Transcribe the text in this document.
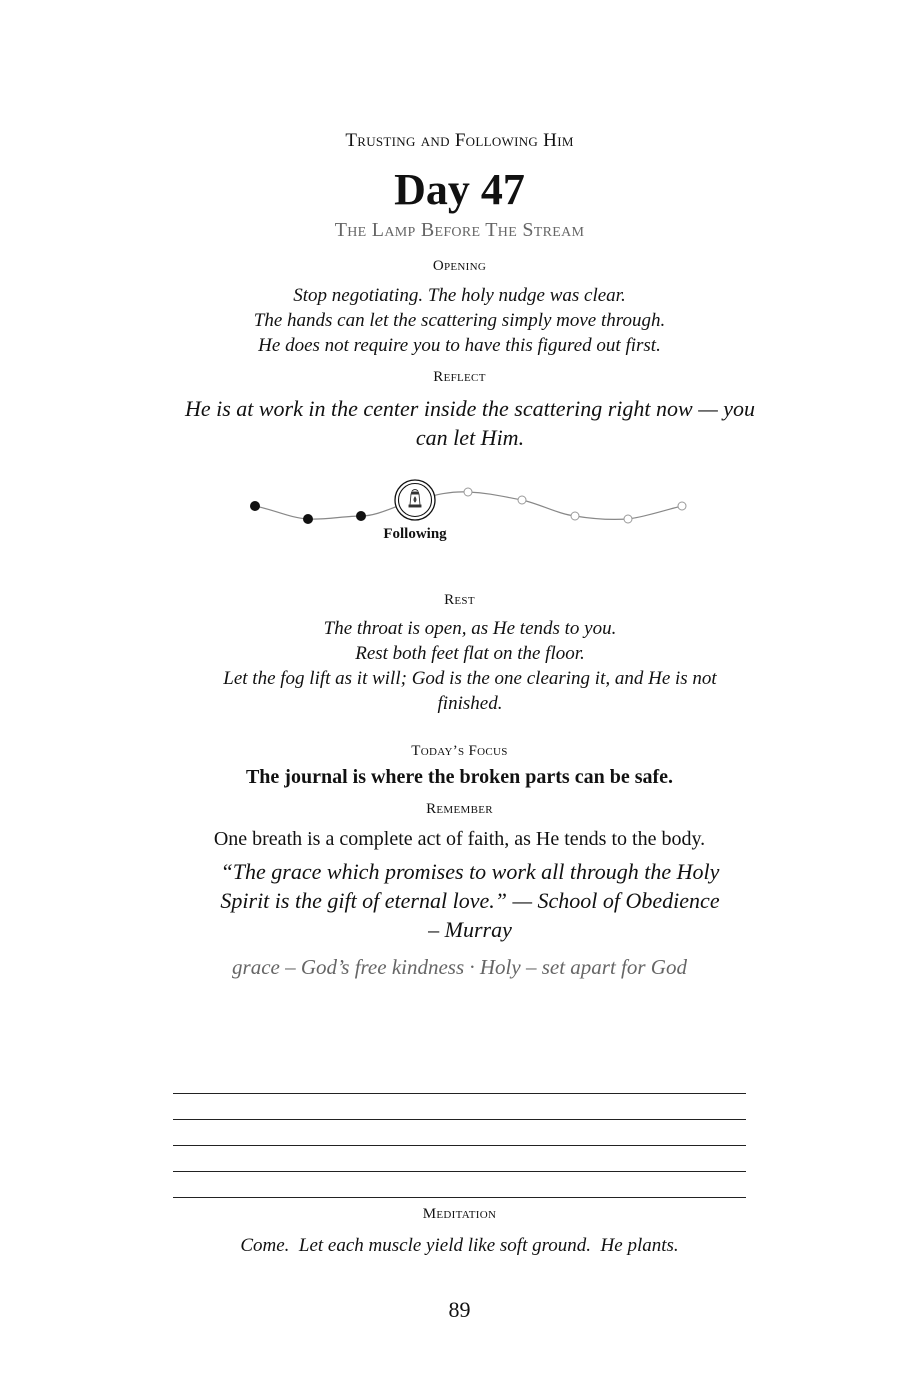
Trusting and Following Him
Day 47
The Lamp Before The Stream
Opening
Stop negotiating. The holy nudge was clear.
The hands can let the scattering simply move through.
He does not require you to have this figured out first.
Reflect
He is at work in the center inside the scattering right now — you can let Him.
Following
Rest
The throat is open, as He tends to you.
Rest both feet flat on the floor.
Let the fog lift as it will; God is the one clearing it, and He is not finished.
Today’s Focus
The journal is where the broken parts can be safe.
Remember
One breath is a complete act of faith, as He tends to the body.
“The grace which promises to work all through the Holy Spirit is the gift of eternal love.” — School of Obedience – Murray
grace – God’s free kindness · Holy – set apart for God
Meditation
Come.  Let each muscle yield like soft ground.  He plants.
89
